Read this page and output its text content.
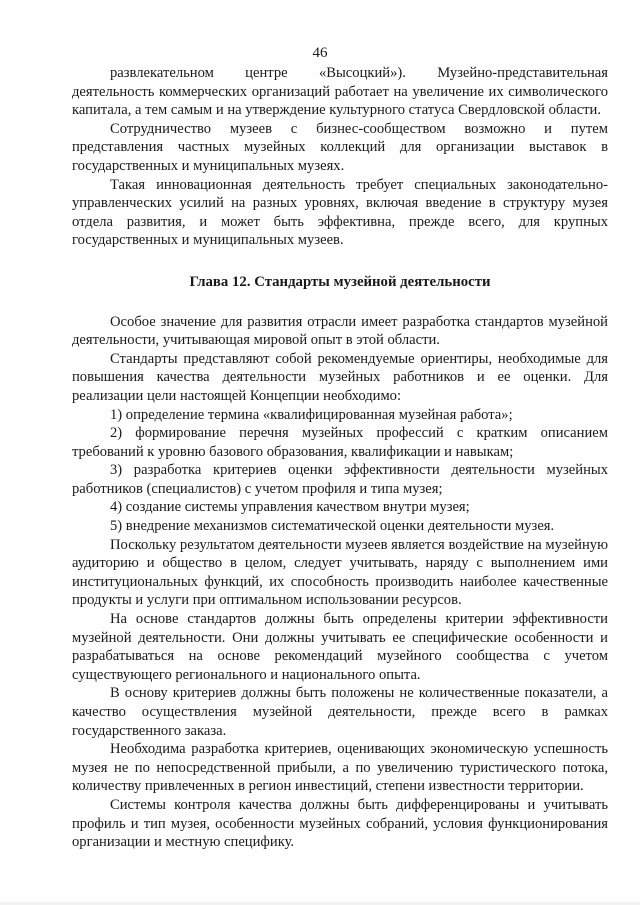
46

развлекательном центре «Высоцкий»). Музейно-представительная деятельность коммерческих организаций работает на увеличение их символического капитала, а тем самым и на утверждение культурного статуса Свердловской области.

Сотрудничество музеев с бизнес-сообществом возможно и путем представления частных музейных коллекций для организации выставок в государственных и муниципальных музеях.

Такая инновационная деятельность требует специальных законодательно-управленческих усилий на разных уровнях, включая введение в структуру музея отдела развития, и может быть эффективна, прежде всего, для крупных государственных и муниципальных музеев.

Глава 12. Стандарты музейной деятельности

Особое значение для развития отрасли имеет разработка стандартов музейной деятельности, учитывающая мировой опыт в этой области.

Стандарты представляют собой рекомендуемые ориентиры, необходимые для повышения качества деятельности музейных работников и ее оценки. Для реализации цели настоящей Концепции необходимо:

1) определение термина «квалифицированная музейная работа»;

2) формирование перечня музейных профессий с кратким описанием требований к уровню базового образования, квалификации и навыкам;

3) разработка критериев оценки эффективности деятельности музейных работников (специалистов) с учетом профиля и типа музея;

4) создание системы управления качеством внутри музея;

5) внедрение механизмов систематической оценки деятельности музея.

Поскольку результатом деятельности музеев является воздействие на музейную аудиторию и общество в целом, следует учитывать, наряду с выполнением ими институциональных функций, их способность производить наиболее качественные продукты и услуги при оптимальном использовании ресурсов.

На основе стандартов должны быть определены критерии эффективности музейной деятельности. Они должны учитывать ее специфические особенности и разрабатываться на основе рекомендаций музейного сообщества с учетом существующего регионального и национального опыта.

В основу критериев должны быть положены не количественные показатели, а качество осуществления музейной деятельности, прежде всего в рамках государственного заказа.

Необходима разработка критериев, оценивающих экономическую успешность музея не по непосредственной прибыли, а по увеличению туристического потока, количеству привлеченных в регион инвестиций, степени известности территории.

Системы контроля качества должны быть дифференцированы и учитывать профиль и тип музея, особенности музейных собраний, условия функционирования организации и местную специфику.
